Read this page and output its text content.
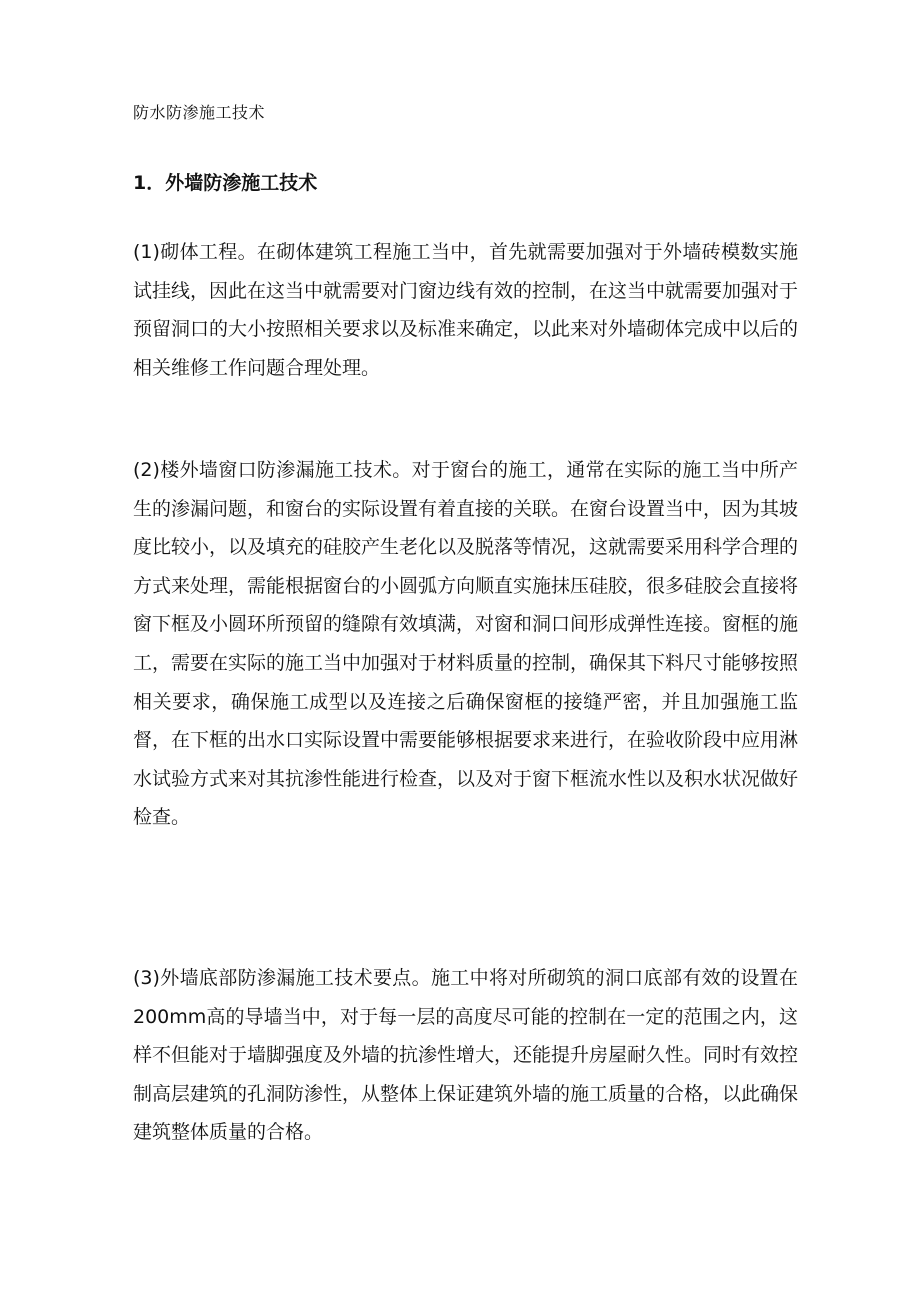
防水防渗施工技术

1．外墙防渗施工技术

(1)砌体工程。在砌体建筑工程施工当中，首先就需要加强对于外墙砖模数实施试挂线，因此在这当中就需要对门窗边线有效的控制，在这当中就需要加强对于预留洞口的大小按照相关要求以及标准来确定，以此来对外墙砌体完成中以后的相关维修工作问题合理处理。

(2)楼外墙窗口防渗漏施工技术。对于窗台的施工，通常在实际的施工当中所产生的渗漏问题，和窗台的实际设置有着直接的关联。在窗台设置当中，因为其坡度比较小，以及填充的硅胶产生老化以及脱落等情况，这就需要采用科学合理的方式来处理，需能根据窗台的小圆弧方向顺直实施抹压硅胶，很多硅胶会直接将窗下框及小圆环所预留的缝隙有效填满，对窗和洞口间形成弹性连接。窗框的施工，需要在实际的施工当中加强对于材料质量的控制，确保其下料尺寸能够按照相关要求，确保施工成型以及连接之后确保窗框的接缝严密，并且加强施工监督，在下框的出水口实际设置中需要能够根据要求来进行，在验收阶段中应用淋水试验方式来对其抗渗性能进行检查，以及对于窗下框流水性以及积水状况做好检查。

(3)外墙底部防渗漏施工技术要点。施工中将对所砌筑的洞口底部有效的设置在200mm高的导墙当中，对于每一层的高度尽可能的控制在一定的范围之内，这样不但能对于墙脚强度及外墙的抗渗性增大，还能提升房屋耐久性。同时有效控制高层建筑的孔洞防渗性，从整体上保证建筑外墙的施工质量的合格，以此确保建筑整体质量的合格。
